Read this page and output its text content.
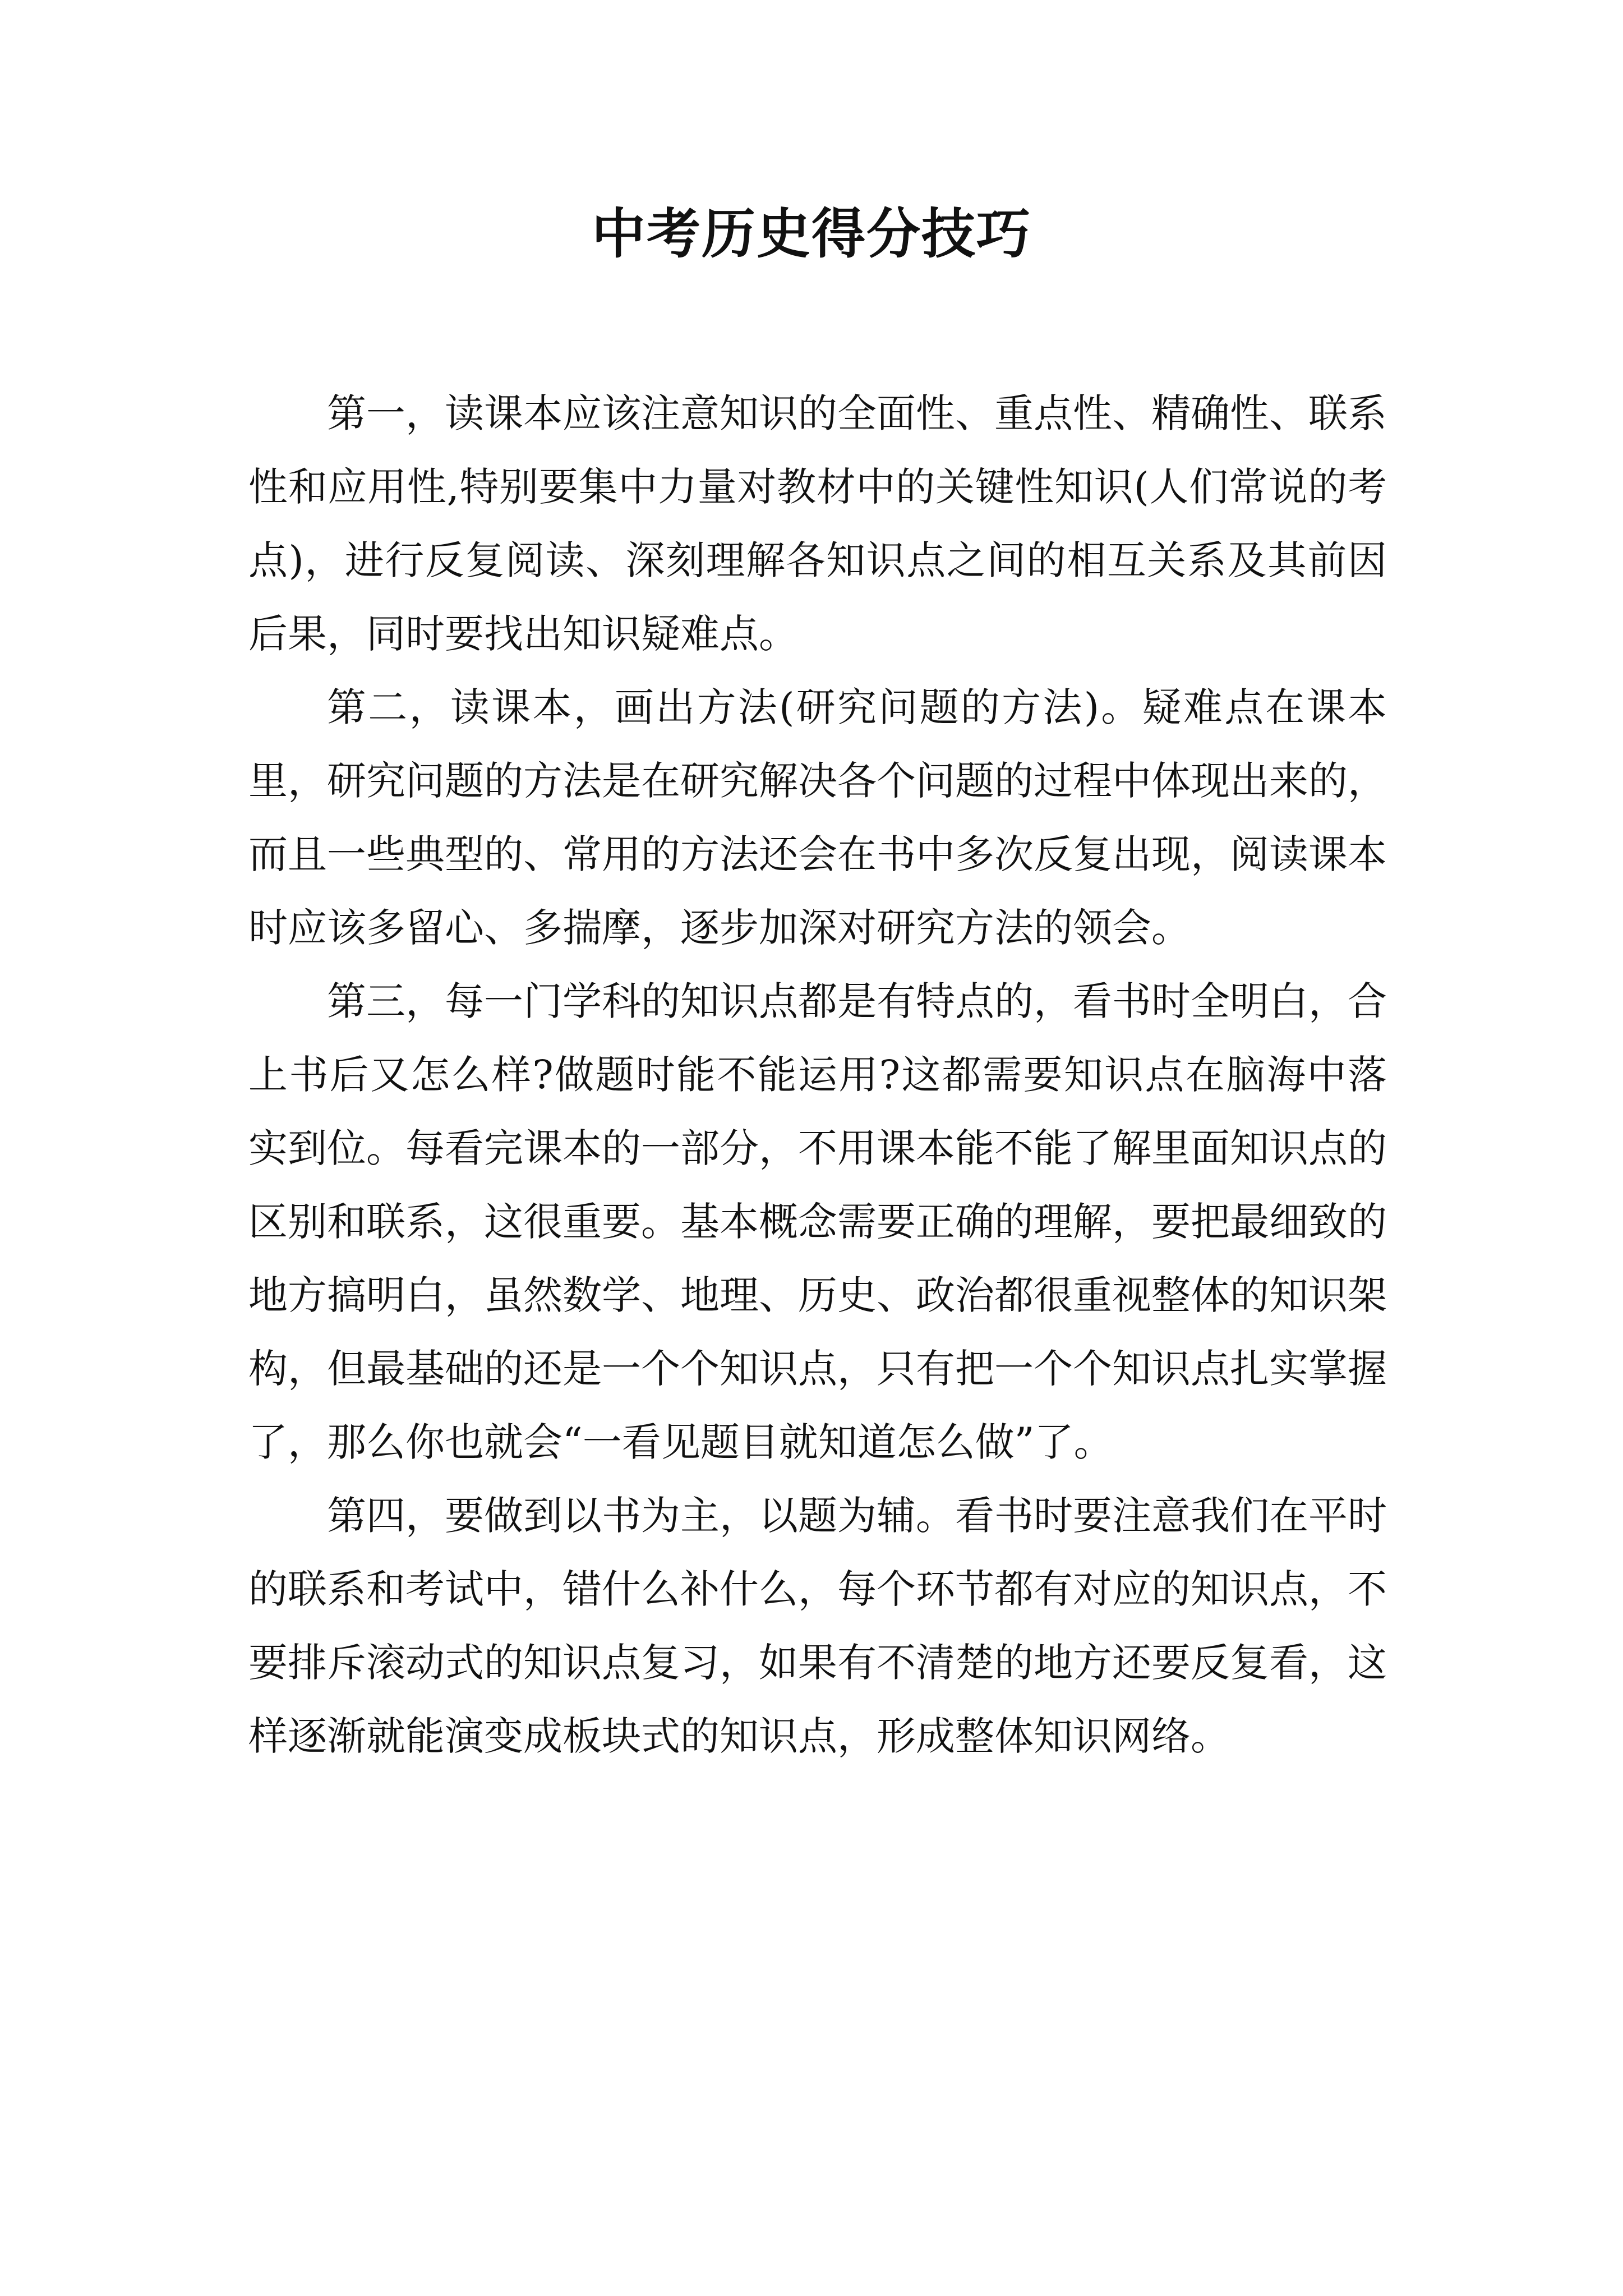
中考历史得分技巧

第一，读课本应该注意知识的全面性、重点性、精确性、联系性和应用性,特别要集中力量对教材中的关键性知识(人们常说的考点)，进行反复阅读、深刻理解各知识点之间的相互关系及其前因后果，同时要找出知识疑难点。

第二，读课本，画出方法(研究问题的方法)。疑难点在课本里，研究问题的方法是在研究解决各个问题的过程中体现出来的，而且一些典型的、常用的方法还会在书中多次反复出现，阅读课本时应该多留心、多揣摩，逐步加深对研究方法的领会。

第三，每一门学科的知识点都是有特点的，看书时全明白，合上书后又怎么样?做题时能不能运用?这都需要知识点在脑海中落实到位。每看完课本的一部分，不用课本能不能了解里面知识点的区别和联系，这很重要。基本概念需要正确的理解，要把最细致的地方搞明白，虽然数学、地理、历史、政治都很重视整体的知识架构，但最基础的还是一个个知识点，只有把一个个知识点扎实掌握了，那么你也就会“一看见题目就知道怎么做”了。

第四，要做到以书为主，以题为辅。看书时要注意我们在平时的联系和考试中，错什么补什么，每个环节都有对应的知识点，不要排斥滚动式的知识点复习，如果有不清楚的地方还要反复看，这样逐渐就能演变成板块式的知识点，形成整体知识网络。
